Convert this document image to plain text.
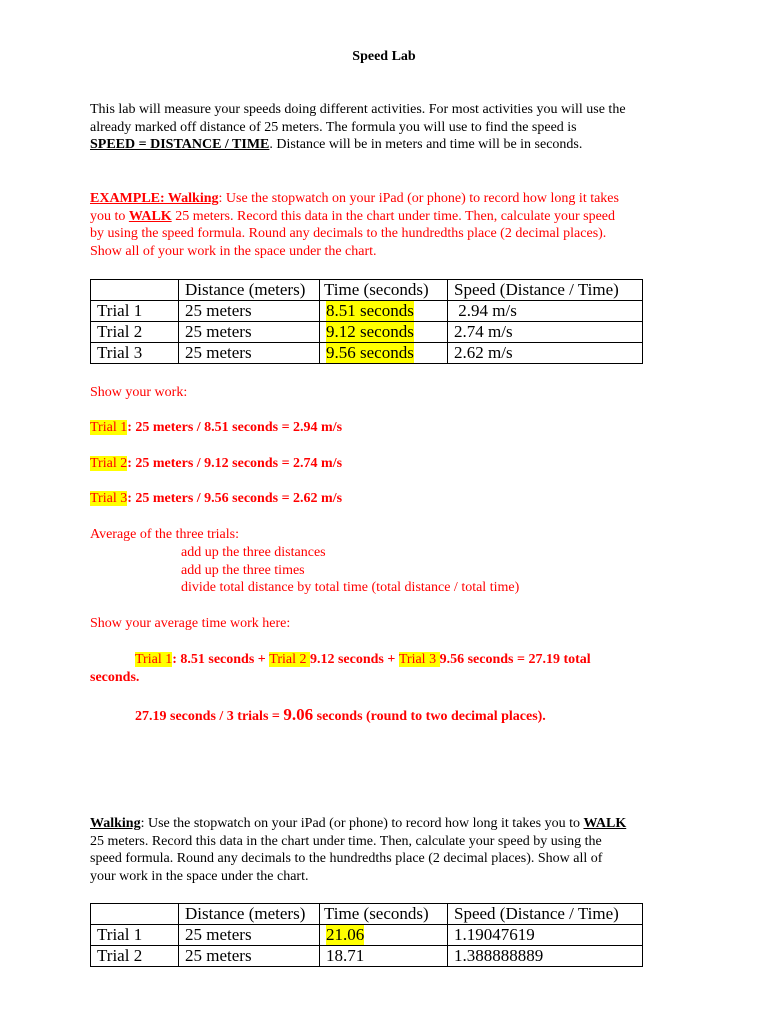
Speed Lab
This lab will measure your speeds doing different activities. For most activities you will use the
already marked off distance of 25 meters. The formula you will use to find the speed is
SPEED = DISTANCE / TIME. Distance will be in meters and time will be in seconds.
EXAMPLE: Walking: Use the stopwatch on your iPad (or phone) to record how long it takes
you to WALK 25 meters. Record this data in the chart under time. Then, calculate your speed
by using the speed formula. Round any decimals to the hundredths place (2 decimal places).
Show all of your work in the space under the chart.
	Distance (meters)	Time (seconds)	Speed (Distance / Time)
Trial 1	25 meters	8.51 seconds	2.94 m/s
Trial 2	25 meters	9.12 seconds	2.74 m/s
Trial 3	25 meters	9.56 seconds	2.62 m/s
Show your work:
Trial 1: 25 meters / 8.51 seconds = 2.94 m/s
Trial 2: 25 meters / 9.12 seconds = 2.74 m/s
Trial 3: 25 meters / 9.56 seconds = 2.62 m/s
Average of the three trials:
add up the three distances
add up the three times
divide total distance by total time (total distance / total time)
Show your average time work here:
Trial 1: 8.51 seconds + Trial 2 9.12 seconds + Trial 3 9.56 seconds = 27.19 total
seconds.
27.19 seconds / 3 trials = 9.06 seconds (round to two decimal places).
Walking: Use the stopwatch on your iPad (or phone) to record how long it takes you to WALK
25 meters. Record this data in the chart under time. Then, calculate your speed by using the
speed formula. Round any decimals to the hundredths place (2 decimal places). Show all of
your work in the space under the chart.
	Distance (meters)	Time (seconds)	Speed (Distance / Time)
Trial 1	25 meters	21.06	1.19047619
Trial 2	25 meters	18.71	1.388888889
